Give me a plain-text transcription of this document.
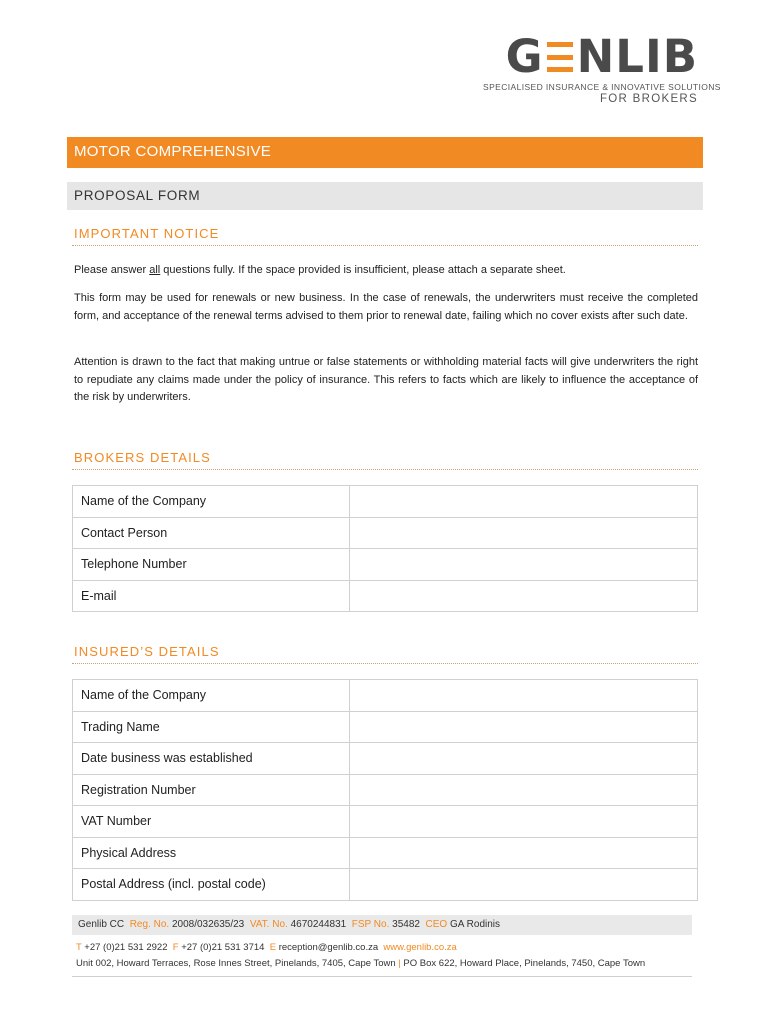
G NLIB
SPECIALISED INSURANCE & INNOVATIVE SOLUTIONS
FOR BROKERS
MOTOR COMPREHENSIVE
PROPOSAL FORM
IMPORTANT NOTICE
Please answer all questions fully. If the space provided is insufficient, please attach a separate sheet.
This form may be used for renewals or new business. In the case of renewals, the underwriters must receive the completed form, and acceptance of the renewal terms advised to them prior to renewal date, failing which no cover exists after such date.
Attention is drawn to the fact that making untrue or false statements or withholding material facts will give underwriters the right to repudiate any claims made under the policy of insurance. This refers to facts which are likely to influence the acceptance of the risk by underwriters.
BROKERS DETAILS
Name of the Company	
Contact Person	
Telephone Number	
E-mail	
INSURED’S DETAILS
Name of the Company	
Trading Name	
Date business was established	
Registration Number	
VAT Number	
Physical Address	
Postal Address (incl. postal code)	
Genlib CC Reg. No. 2008/032635/23 VAT. No. 4670244831 FSP No. 35482 CEO GA Rodinis
T +27 (0)21 531 2922 F +27 (0)21 531 3714 E reception@genlib.co.za www.genlib.co.za
Unit 002, Howard Terraces, Rose Innes Street, Pinelands, 7405, Cape Town | PO Box 622, Howard Place, Pinelands, 7450, Cape Town
